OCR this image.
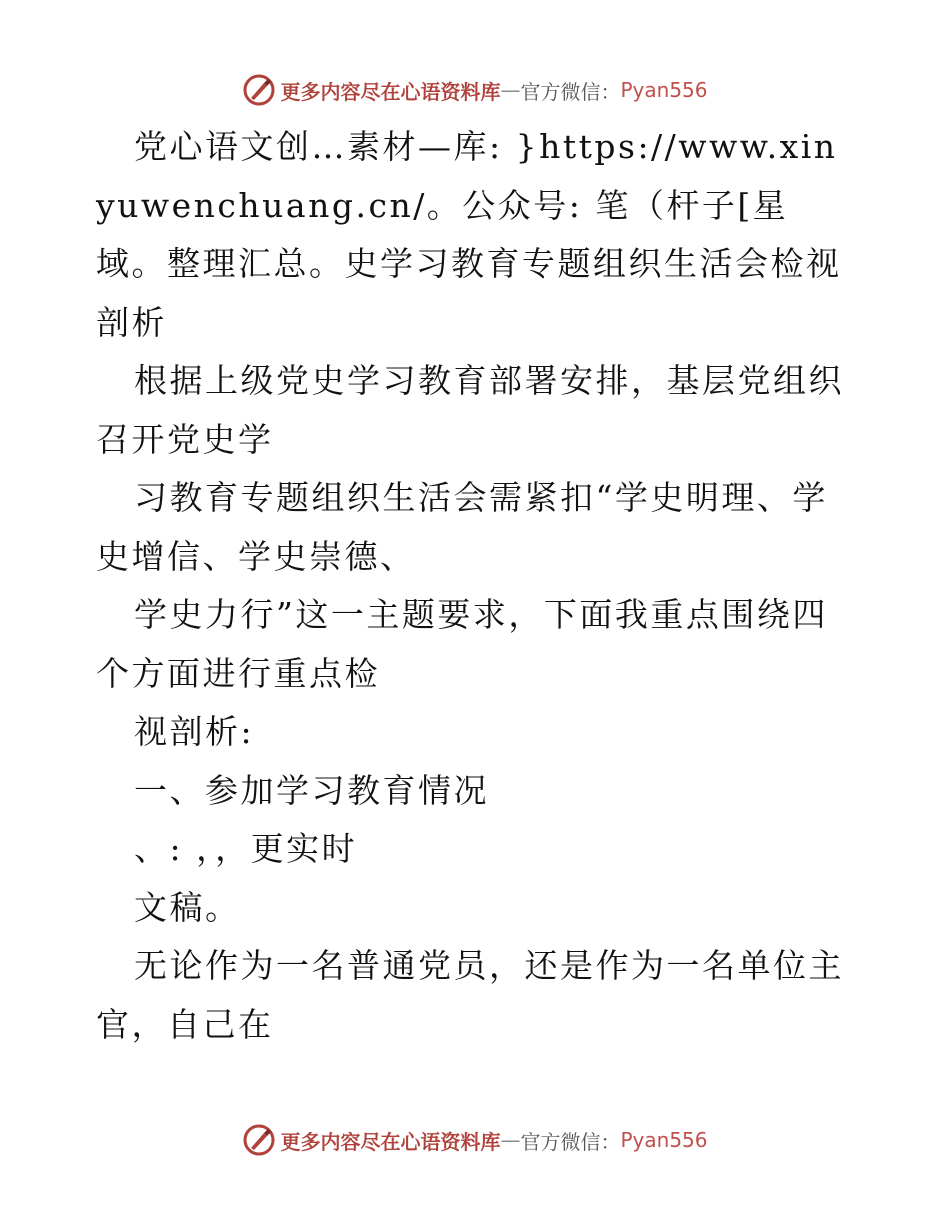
更多内容尽在心语资料库 — 官方微信： Pyan556

党心语文创…素材—库: }https://www.xinyuwenchuang.cn/。公众号: 笔（杆子[星域。整理汇总。史学习教育专题组织生活会检视剖析

根据上级党史学习教育部署安排，基层党组织召开党史学

习教育专题组织生活会需紧扣“学史明理、学史增信、学史崇德、

学史力行”这一主题要求，下面我重点围绕四个方面进行重点检

视剖析:

一、参加学习教育情况

、: ，，更实时

文稿。

无论作为一名普通党员，还是作为一名单位主官，自己在

更多内容尽在心语资料库 — 官方微信： Pyan556
